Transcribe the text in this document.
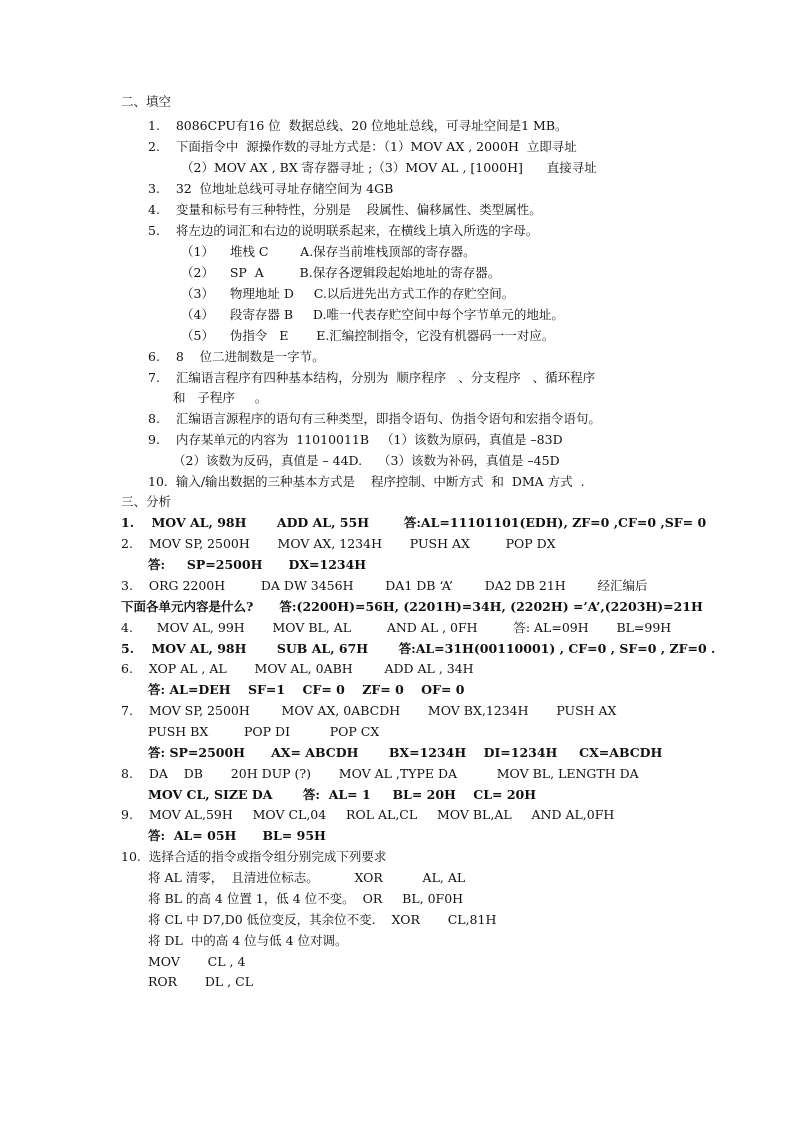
二、填空
1.    8086CPU有16 位  数据总线、20 位地址总线，可寻址空间是1 MB。
2.    下面指令中  源操作数的寻址方式是：（1）MOV AX , 2000H  立即寻址
（2）MOV AX , BX 寄存器寻址 ;（3）MOV AL , [1000H]      直接寻址
3.    32  位地址总线可寻址存储空间为 4GB
4.    变量和标号有三种特性，分别是    段属性、偏移属性、类型属性。
5.    将左边的词汇和右边的说明联系起来，在横线上填入所选的字母。
（1）    堆栈 C        A.保存当前堆栈顶部的寄存器。
（2）    SP  A         B.保存各逻辑段起始地址的寄存器。
（3）    物理地址 D     C.以后进先出方式工作的存贮空间。
（4）    段寄存器 B     D.唯一代表存贮空间中每个字节单元的地址。
（5）    伪指令   E       E.汇编控制指令，它没有机器码一一对应。
6.    8    位二进制数是一字节。
7.    汇编语言程序有四种基本结构，分别为  顺序程序   、分支程序   、循环程序
和   子程序     。
8.    汇编语言源程序的语句有三种类型，即指令语句、伪指令语句和宏指令语句。
9.    内存某单元的内容为  11010011B   （1）该数为原码，真值是 –83D
（2）该数为反码，真值是 – 44D.    （3）该数为补码，真值是 –45D
10.  输入/输出数据的三种基本方式是    程序控制、中断方式  和  DMA 方式  .
三、分析
1.    MOV AL, 98H       ADD AL, 55H        答:AL=11101101(EDH), ZF=0 ,CF=0 ,SF= 0
2.    MOV SP, 2500H       MOV AX, 1234H       PUSH AX         POP DX
答:     SP=2500H      DX=1234H
3.    ORG 2200H         DA DW 3456H        DA1 DB ‘A’        DA2 DB 21H        经汇编后
下面各单元内容是什么?      答:(2200H)=56H, (2201H)=34H, (2202H) =’A’,(2203H)=21H
4.      MOV AL, 99H       MOV BL, AL         AND AL , 0FH         答: AL=09H       BL=99H
5.    MOV AL, 98H       SUB AL, 67H       答:AL=31H(00110001) , CF=0 , SF=0 , ZF=0 .
6.    XOP AL , AL       MOV AL, 0ABH        ADD AL , 34H
答: AL=DEH    SF=1    CF= 0    ZF= 0    OF= 0
7.    MOV SP, 2500H        MOV AX, 0ABCDH       MOV BX,1234H       PUSH AX
PUSH BX         POP DI          POP CX
答: SP=2500H      AX= ABCDH       BX=1234H    DI=1234H     CX=ABCDH
8.    DA    DB       20H DUP (?)       MOV AL ,TYPE DA          MOV BL, LENGTH DA
MOV CL, SIZE DA       答:  AL= 1     BL= 20H    CL= 20H
9.    MOV AL,59H     MOV CL,04     ROL AL,CL     MOV BL,AL     AND AL,0FH
答:  AL= 05H      BL= 95H
10.  选择合适的指令或指令组分别完成下列要求
将 AL 清零，  且清进位标志。         XOR          AL, AL
将 BL 的高 4 位置 1，低 4 位不变。  OR     BL, 0F0H
将 CL 中 D7,D0 低位变反，其余位不变.    XOR       CL,81H
将 DL  中的高 4 位与低 4 位对调。
MOV       CL , 4
ROR       DL , CL
